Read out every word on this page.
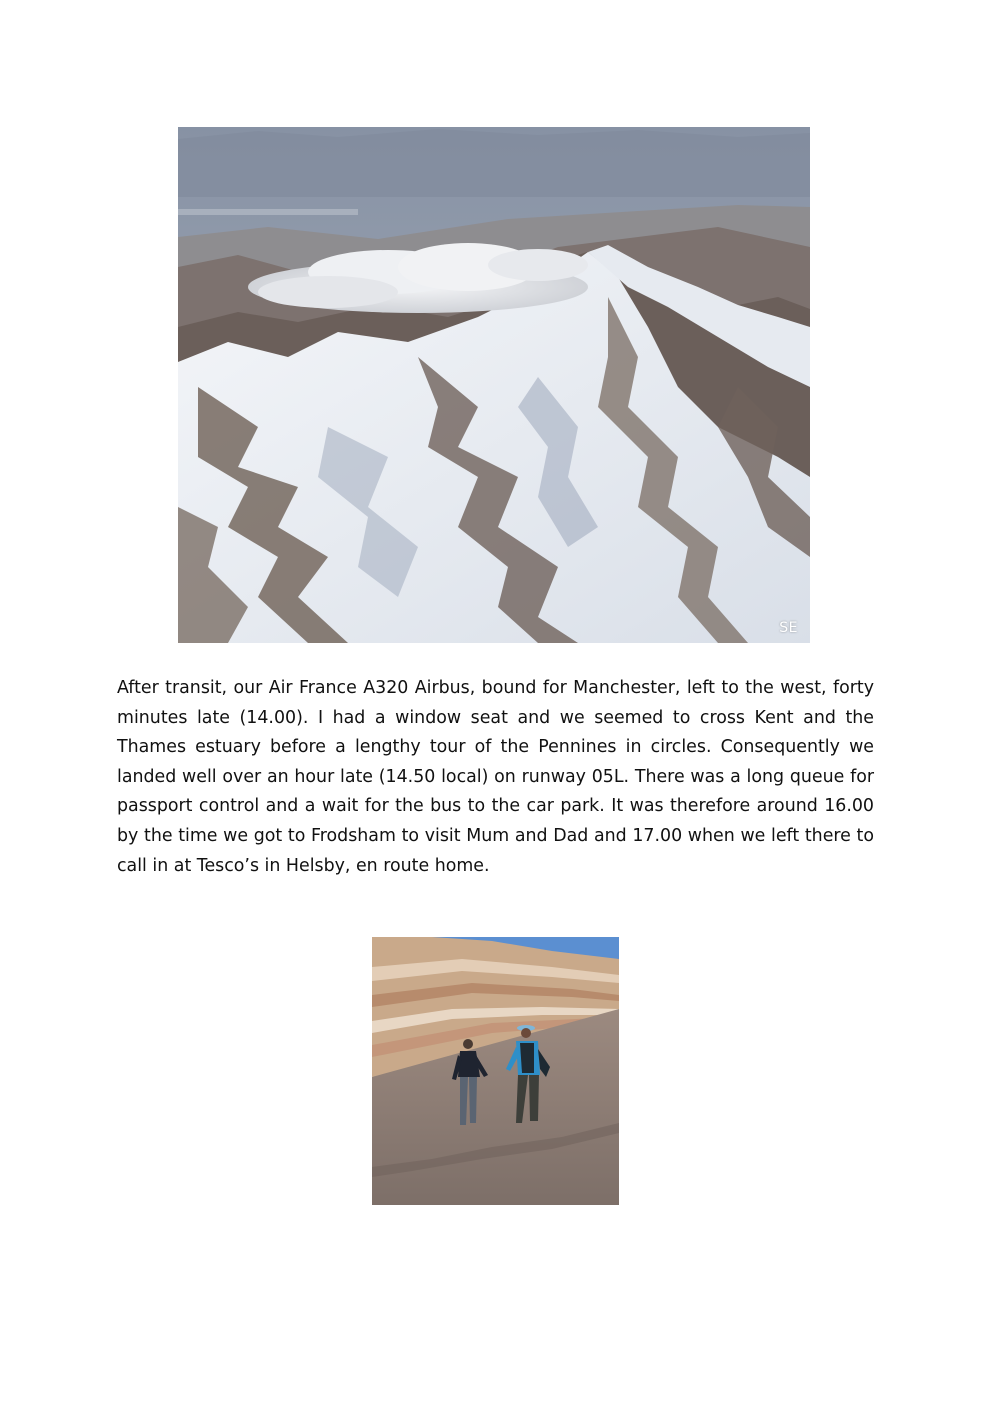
SE

After transit, our Air France A320 Airbus, bound for Manchester, left to the west, forty minutes late (14.00). I had a window seat and we seemed to cross Kent and the Thames estuary before a lengthy tour of the Pennines in circles. Consequently we landed well over an hour late (14.50 local) on runway 05L. There was a long queue for passport control and a wait for the bus to the car park. It was therefore around 16.00 by the time we got to Frodsham to visit Mum and Dad and 17.00 when we left there to call in at Tesco’s in Helsby, en route home.
